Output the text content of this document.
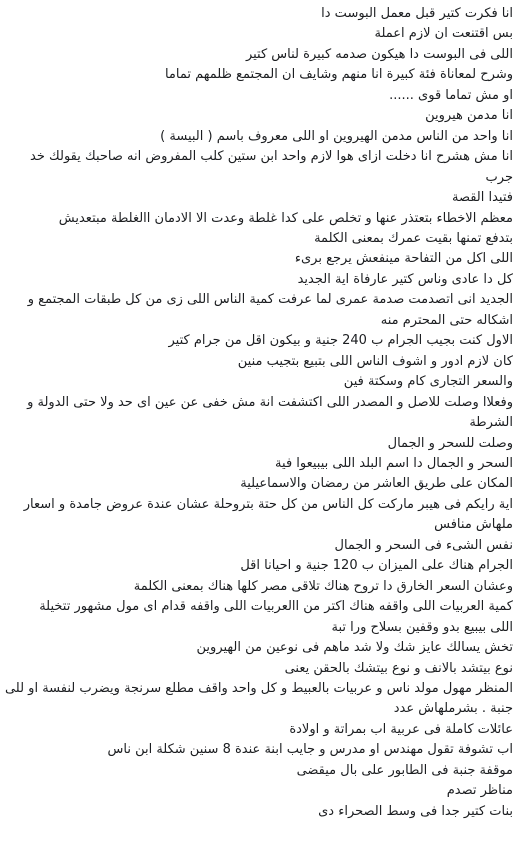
انا فكرت كتير قبل معمل البوست دا
بس اقتنعت ان لازم اعملة
اللى فى البوست دا هيكون صدمه كبيرة لناس كتير
وشرح لمعاناة فئة كبيرة انا منهم وشايف ان المجتمع ظلمهم تماما
او مش تماما قوى ......
انا مدمن هيروين
انا واحد من الناس مدمن الهيروين او اللى معروف باسم ( البيسة )
انا مش هشرح انا دخلت ازاى هوا لازم واحد ابن ستين كلب المفروض انه صاحبك يقولك خد جرب
فتيدا القصة
معظم الاخطاء بتعتذر عنها و تخلص على كدا غلطة وعدت الا الادمان االغلطة مبتعديش
بتدفع تمنها بقيت عمرك بمعنى الكلمة
اللى اكل من التفاحة مينفعش يرجع برىء
كل دا عادى وناس كتير عارفاة اية الجديد
الجديد انى اتصدمت صدمة عمرى لما عرفت كمية الناس اللى زى من كل طبقات المجتمع و اشكاله حتى المحترم منه
الاول كنت بجيب الجرام ب 240 جنية و بيكون اقل من جرام كتير
كان لازم ادور و اشوف الناس اللى بتبيع بتجيب منين
والسعر التجارى كام وسكتة فين
وفعلاا وصلت للاصل و المصدر اللى اكتشفت انة مش خفى عن عين اى حد ولا حتى الدولة و الشرطة
وصلت للسحر و الجمال
السحر و الجمال دا اسم البلد اللى بيبيعوا فية
المكان على طريق العاشر من رمضان والاسماعيلية
اية رايكم فى هيبر ماركت كل الناس من كل حتة بتروحلة عشان عندة عروض جامدة و اسعار ملهاش منافس
نفس الشىء فى السحر و الجمال
الجرام هناك على الميزان ب 120 جنية و احيانا اقل
وعشان السعر الخارق دا تروح هناك تلاقى مصر كلها هناك بمعنى الكلمة
كمية العربيات اللى واقفه هناك اكتر من االعربيات اللى واقفه قدام اى مول مشهور تتخيلة
اللى بيبيع بدو وقفين بسلاح ورا تبة
تخش يسالك عايز شك ولا شد ماهم فى نوعين من الهيروين
نوع بيتشد بالانف و نوع بيتشك بالحقن يعنى
المنظر مهول مولد ناس و عربيات بالعبيط و كل واحد واقف مطلع سرنجة ويضرب لنفسة او للى جنبة . بشرملهاش عدد
عائلات كاملة فى عربية اب بمراتة و اولادة
اب تشوفة تقول مهندس او مدرس و جايب ابنة عندة 8 سنين شكلة ابن ناس
موقفة جنبة فى الطابور على بال ميقضى
مناظر تصدم
بنات كتير جدا فى وسط الصحراء دى
